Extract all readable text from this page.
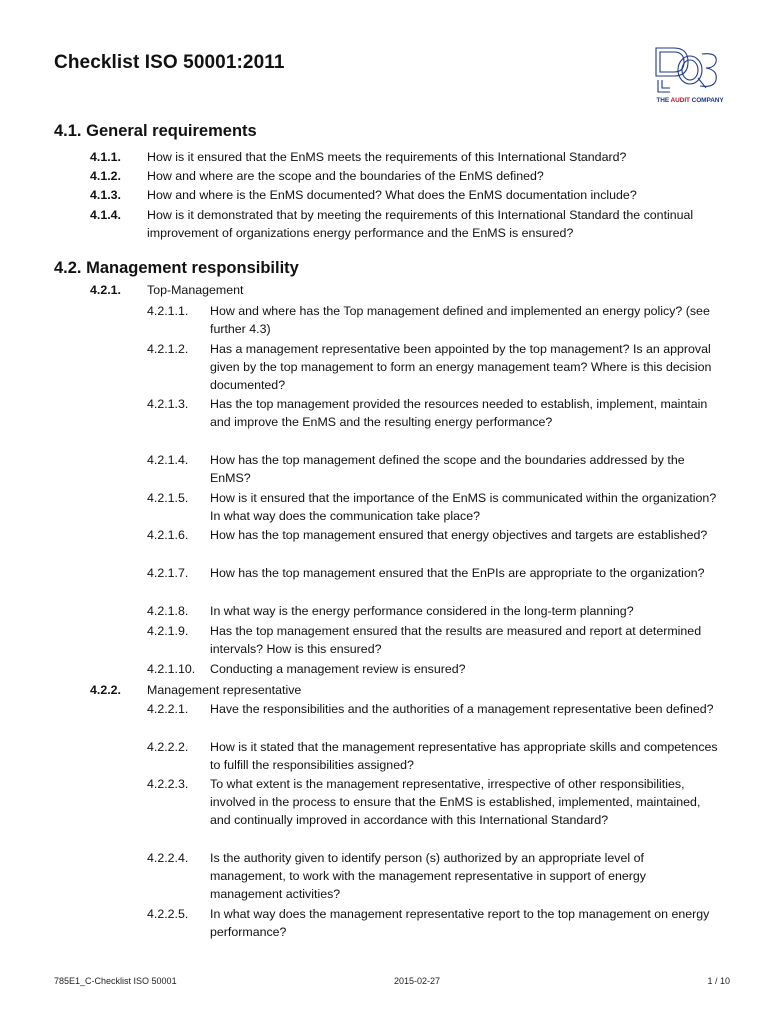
Checklist ISO 50001:2011
THE AUDIT COMPANY
4.1. General requirements
4.1.1. How is it ensured that the EnMS meets the requirements of this International Standard?
4.1.2. How and where are the scope and the boundaries of the EnMS defined?
4.1.3. How and where is the EnMS documented? What does the EnMS documentation include?
4.1.4. How is it demonstrated that by meeting the requirements of this International Standard the continual improvement of organizations energy performance and the EnMS is ensured?
4.2. Management responsibility
4.2.1. Top-Management
4.2.1.1. How and where has the Top management defined and implemented an energy policy? (see further 4.3)
4.2.1.2. Has a management representative been appointed by the top management? Is an approval given by the top management to form an energy management team? Where is this decision documented?
4.2.1.3. Has the top management provided the resources needed to establish, implement, maintain and improve the EnMS and the resulting energy performance?
4.2.1.4. How has the top management defined the scope and the boundaries addressed by the EnMS?
4.2.1.5. How is it ensured that the importance of the EnMS is communicated within the organization? In what way does the communication take place?
4.2.1.6. How has the top management ensured that energy objectives and targets are established?
4.2.1.7. How has the top management ensured that the EnPIs are appropriate to the organization?
4.2.1.8. In what way is the energy performance considered in the long-term planning?
4.2.1.9. Has the top management ensured that the results are measured and report at determined intervals? How is this ensured?
4.2.1.10. Conducting a management review is ensured?
4.2.2. Management representative
4.2.2.1. Have the responsibilities and the authorities of a management representative been defined?
4.2.2.2. How is it stated that the management representative has appropriate skills and competences to fulfill the responsibilities assigned?
4.2.2.3. To what extent is the management representative, irrespective of other responsibilities, involved in the process to ensure that the EnMS is established, implemented, maintained, and continually improved in accordance with this International Standard?
4.2.2.4. Is the authority given to identify person (s) authorized by an appropriate level of management, to work with the management representative in support of energy management activities?
4.2.2.5. In what way does the management representative report to the top management on energy performance?
785E1_C-Checklist ISO 50001	2015-02-27	1 / 10
